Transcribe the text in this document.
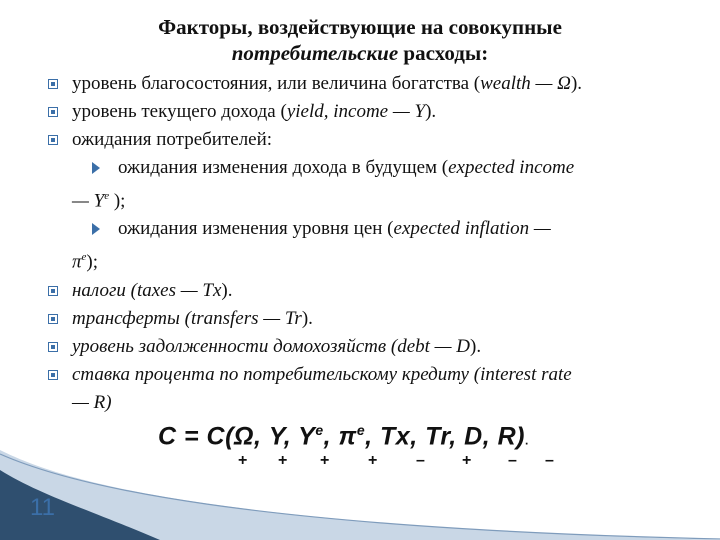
Факторы, воздействующие на совокупные
потребительские расходы:
уровень благосостояния, или величина богатства (wealth — Ω).
уровень текущего дохода (yield, income — Y).
ожидания потребителей:
ожидания изменения дохода в будущем (expected income
— $Y^e$ );
ожидания изменения уровня цен (expected inflation —
$\pi^e$);
налоги (taxes — Tx).
трансферты (transfers — Tr).
уровень задолженности домохозяйств (debt — D).
ставка процента по потребительскому кредиту (interest rate
— R)
C = C(Ω, Y, $Y^e$, $\pi^e$, Tx, Tr, D, R).
+ + + + – + – –
11
